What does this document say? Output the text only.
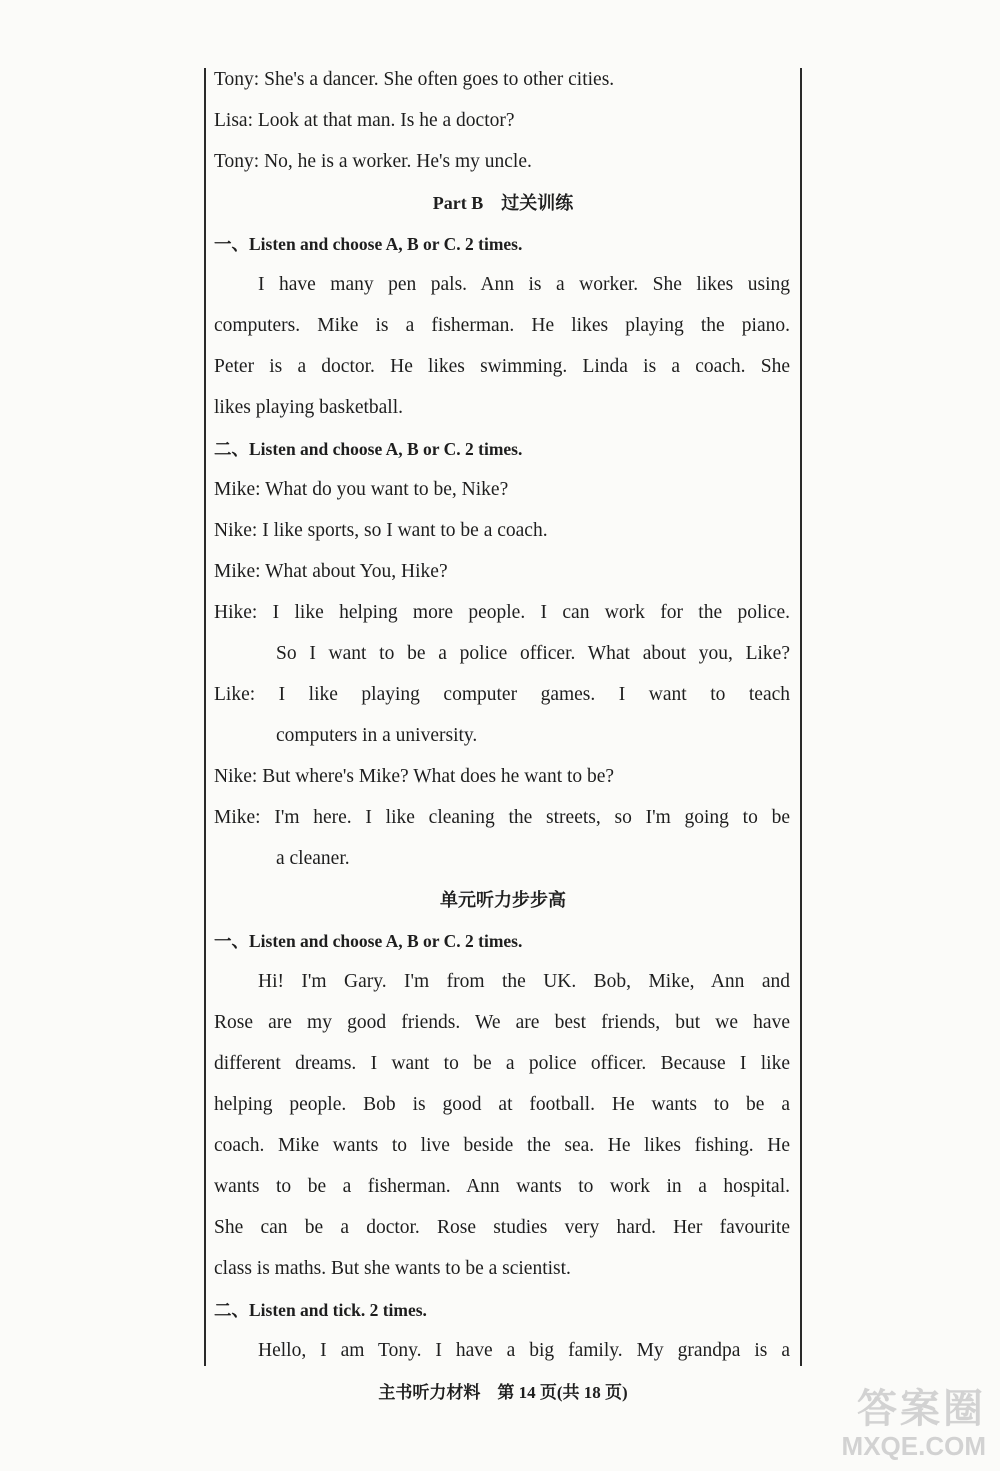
Tony: She's a dancer. She often goes to other cities.
Lisa: Look at that man. Is he a doctor?
Tony: No, he is a worker. He's my uncle.
Part B　过关训练
一、Listen and choose A, B or C. 2 times.
I have many pen pals. Ann is a worker. She likes using
computers. Mike is a fisherman. He likes playing the piano.
Peter is a doctor. He likes swimming. Linda is a coach. She
likes playing basketball.
二、Listen and choose A, B or C. 2 times.
Mike: What do you want to be, Nike?
Nike: I like sports, so I want to be a coach.
Mike: What about You, Hike?
Hike: I like helping more people. I can work for the police.
So I want to be a police officer. What about you, Like?
Like: I like playing computer games. I want to teach
computers in a university.
Nike: But where's Mike? What does he want to be?
Mike: I'm here. I like cleaning the streets, so I'm going to be
a cleaner.
单元听力步步高
一、Listen and choose A, B or C. 2 times.
Hi! I'm Gary. I'm from the UK. Bob, Mike, Ann and
Rose are my good friends. We are best friends, but we have
different dreams. I want to be a police officer. Because I like
helping people. Bob is good at football. He wants to be a
coach. Mike wants to live beside the sea. He likes fishing. He
wants to be a fisherman. Ann wants to work in a hospital.
She can be a doctor. Rose studies very hard. Her favourite
class is maths. But she wants to be a scientist.
二、Listen and tick. 2 times.
Hello, I am Tony. I have a big family. My grandpa is a
主书听力材料　第 14 页(共 18 页)	答案圈
MXQE.COM
